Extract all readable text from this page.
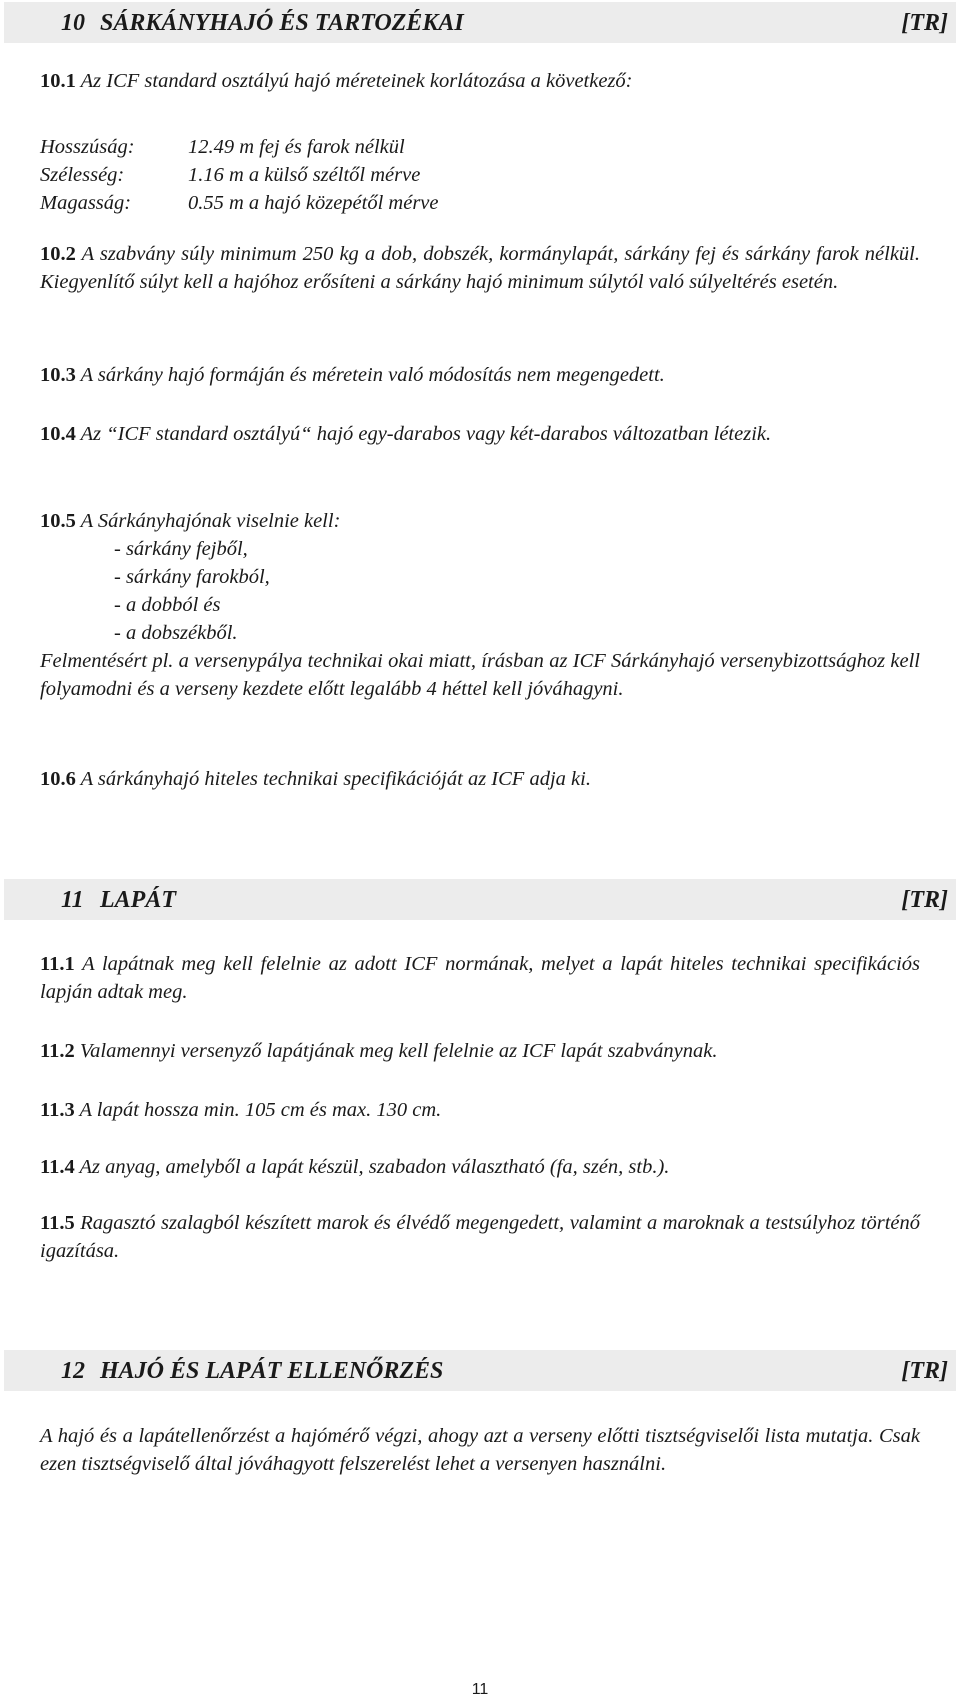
10 SÁRKÁNYHAJÓ ÉS TARTOZÉKAI	[TR]

10.1 Az ICF standard osztályú hajó méreteinek korlátozása a következő:

Hosszúság:	12.49 m fej és farok nélkül
Szélesség:	1.16 m a külső széltől mérve
Magasság:	0.55 m a hajó közepétől mérve

10.2 A szabvány súly minimum 250 kg a dob, dobszék, kormánylapát, sárkány fej és sárkány farok nélkül. Kiegyenlítő súlyt kell a hajóhoz erősíteni a sárkány hajó minimum súlytól való súlyeltérés esetén.

10.3 A sárkány hajó formáján és méretein való módosítás nem megengedett.

10.4 Az “ICF standard osztályú“ hajó egy-darabos vagy két-darabos változatban létezik.

10.5 A Sárkányhajónak viselnie kell:

- sárkány fejből,
- sárkány farokból,
- a dobból és
- a dobszékből.

Felmentésért pl. a versenypálya technikai okai miatt, írásban az ICF Sárkányhajó versenybizottsághoz kell folyamodni és a verseny kezdete előtt legalább 4 héttel kell jóváhagyni.

10.6 A sárkányhajó hiteles technikai specifikációját az ICF adja ki.

11 LAPÁT	[TR]

11.1 A lapátnak meg kell felelnie az adott ICF normának, melyet a lapát hiteles technikai specifikációs lapján adtak meg.

11.2 Valamennyi versenyző lapátjának meg kell felelnie az ICF lapát szabványnak.

11.3 A lapát hossza min. 105 cm és max. 130 cm.

11.4 Az anyag, amelyből a lapát készül, szabadon választható (fa, szén, stb.).

11.5 Ragasztó szalagból készített marok és élvédő megengedett, valamint a maroknak a testsúlyhoz történő igazítása.

12 HAJÓ ÉS LAPÁT ELLENŐRZÉS	[TR]

A hajó és a lapátellenőrzést a hajómérő végzi, ahogy azt a verseny előtti tisztségviselői lista mutatja. Csak ezen tisztségviselő által jóváhagyott felszerelést lehet a versenyen használni.

11
